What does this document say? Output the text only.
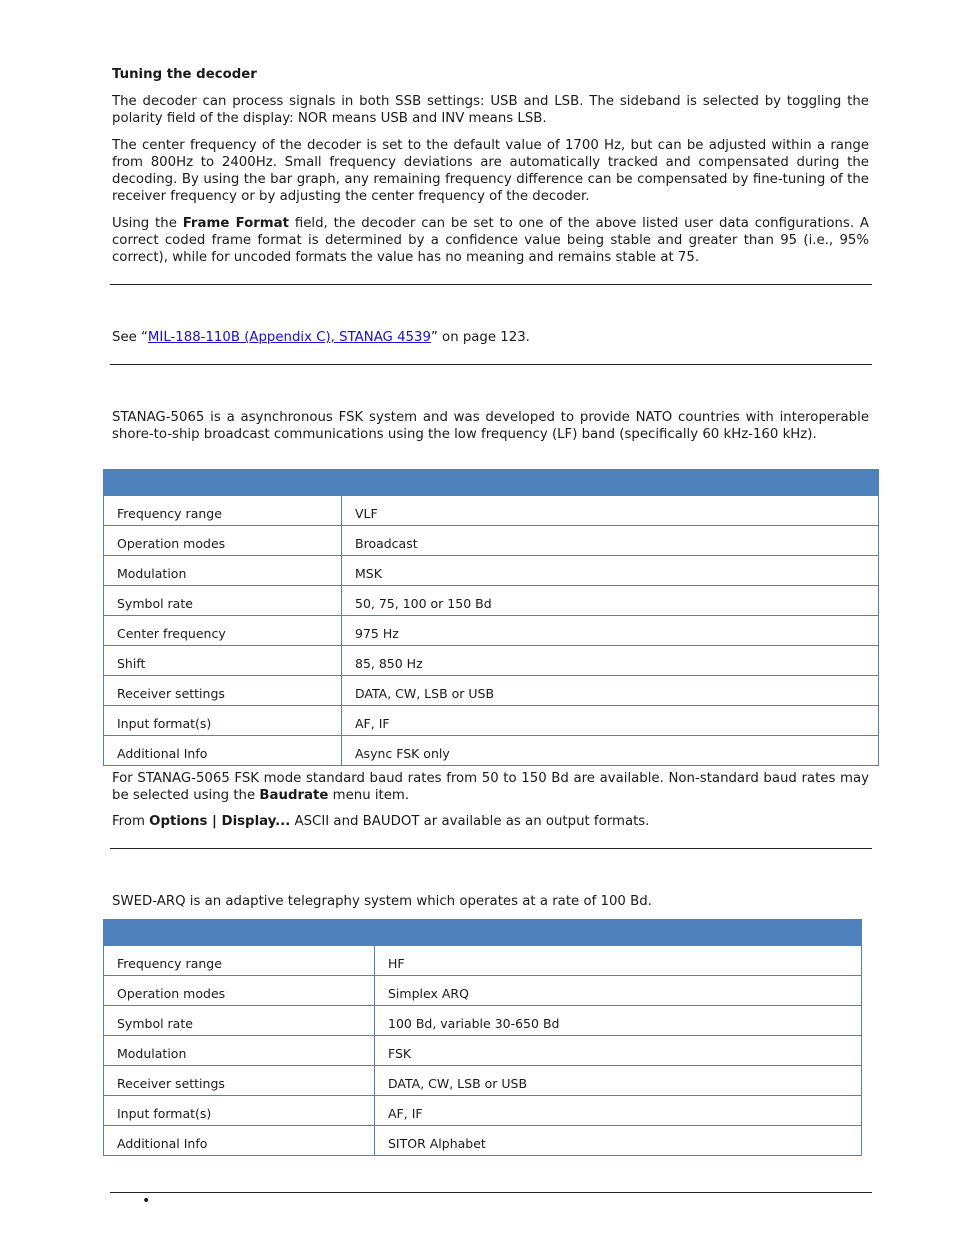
Tuning the decoder

The decoder can process signals in both SSB settings: USB and LSB. The sideband is selected by toggling the polarity field of the display: NOR means USB and INV means LSB.

The center frequency of the decoder is set to the default value of 1700 Hz, but can be adjusted within a range from 800Hz to 2400Hz. Small frequency deviations are automatically tracked and compensated during the decoding. By using the bar graph, any remaining frequency difference can be compensated by fine-tuning of the receiver frequency or by adjusting the center frequency of the decoder.

Using the Frame Format field, the decoder can be set to one of the above listed user data configurations. A correct coded frame format is determined by a confidence value being stable and greater than 95 (i.e., 95% correct), while for uncoded formats the value has no meaning and remains stable at 75.

See “MIL-188-110B (Appendix C), STANAG 4539” on page 123.

STANAG-5065 is a asynchronous FSK system and was developed to provide NATO countries with interoperable shore-to-ship broadcast communications using the low frequency (LF) band (specifically 60 kHz-160 kHz).

Frequency range	VLF
Operation modes	Broadcast
Modulation	MSK
Symbol rate	50, 75, 100 or 150 Bd
Center frequency	975 Hz
Shift	85, 850 Hz
Receiver settings	DATA, CW, LSB or USB
Input format(s)	AF, IF
Additional Info	Async FSK only

For STANAG-5065 FSK mode standard baud rates from 50 to 150 Bd are available. Non-standard baud rates may be selected using the Baudrate menu item.

From Options | Display... ASCII and BAUDOT ar available as an output formats.

SWED-ARQ is an adaptive telegraphy system which operates at a rate of 100 Bd.

Frequency range	HF
Operation modes	Simplex ARQ
Symbol rate	100 Bd, variable 30-650 Bd
Modulation	FSK
Receiver settings	DATA, CW, LSB or USB
Input format(s)	AF, IF
Additional Info	SITOR Alphabet
•
